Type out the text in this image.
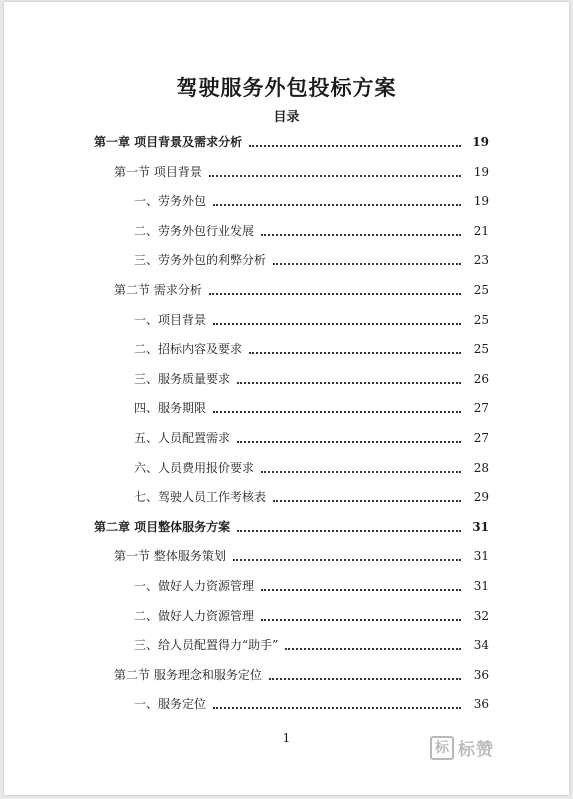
驾驶服务外包投标方案
目录
第一章 项目背景及需求分析	19
第一节 项目背景	19
一、劳务外包	19
二、劳务外包行业发展	21
三、劳务外包的利弊分析	23
第二节 需求分析	25
一、项目背景	25
二、招标内容及要求	25
三、服务质量要求	26
四、服务期限	27
五、人员配置需求	27
六、人员费用报价要求	28
七、驾驶人员工作考核表	29
第二章 项目整体服务方案	31
第一节 整体服务策划	31
一、做好人力资源管理	31
二、做好人力资源管理	32
三、给人员配置得力“助手”	34
第二节 服务理念和服务定位	36
一、服务定位	36
1
标 标赞
